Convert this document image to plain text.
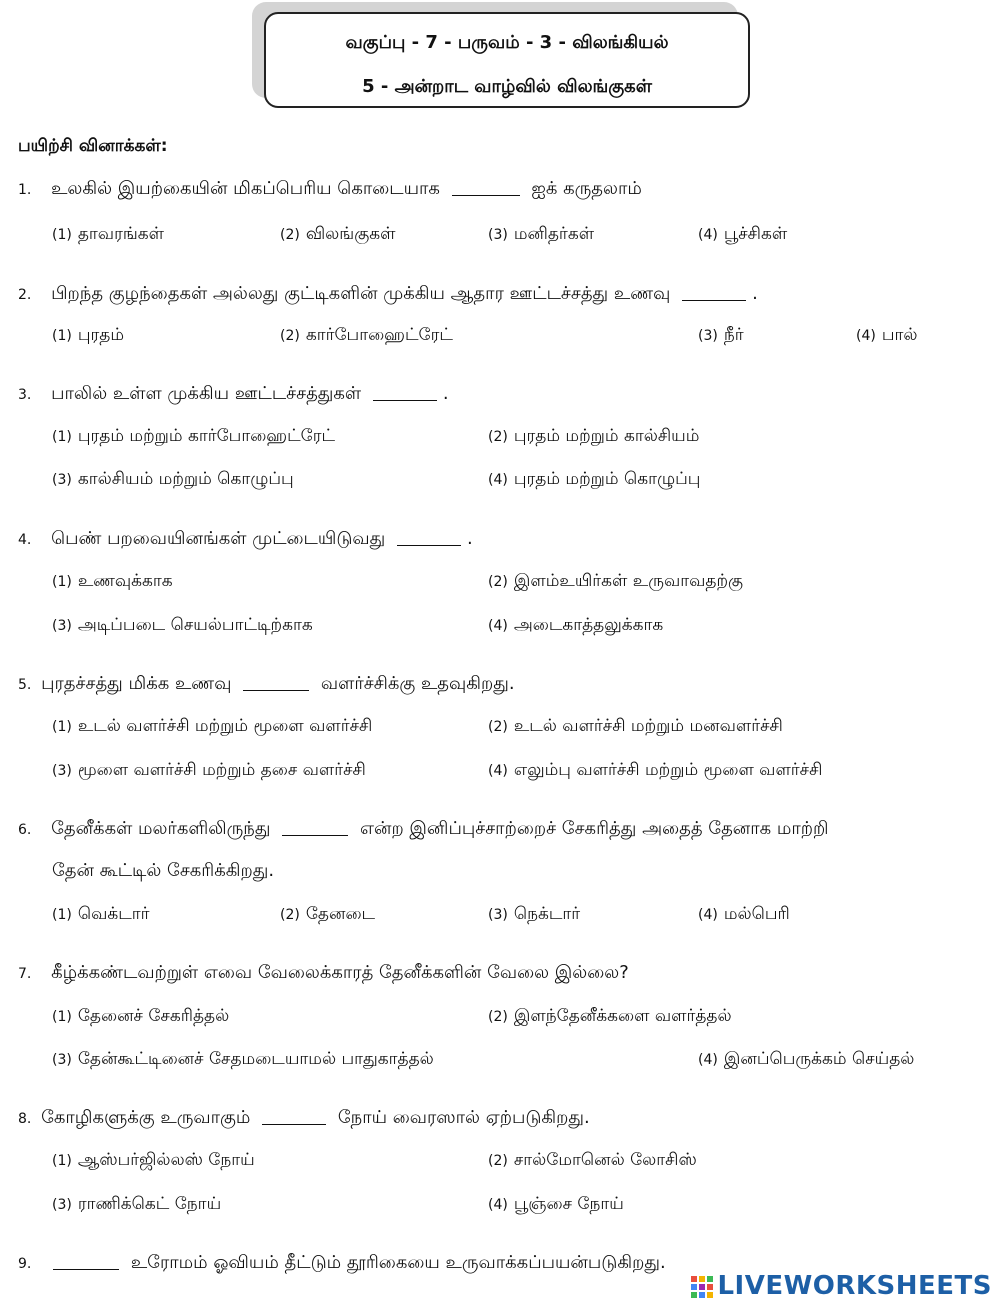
வகுப்பு - 7 - பருவம் - 3 - விலங்கியல்
5 - அன்றாட வாழ்வில் விலங்குகள்
பயிற்சி வினாக்கள்:
1. உலகில் இயற்கையின் மிகப்பெரிய கொடையாக	ஐக் கருதலாம்
(1) தாவரங்கள்	(2) விலங்குகள்	(3) மனிதர்கள்	(4) பூச்சிகள்
2. பிறந்த குழந்தைகள் அல்லது குட்டிகளின் முக்கிய ஆதார ஊட்டச்சத்து உணவு	.
(1) புரதம்	(2) கார்போஹைட்ரேட்	(3) நீர்	(4) பால்
3. பாலில் உள்ள முக்கிய ஊட்டச்சத்துகள்	.
(1) புரதம் மற்றும் கார்போஹைட்ரேட்	(2) புரதம் மற்றும் கால்சியம்
(3) கால்சியம் மற்றும் கொழுப்பு	(4) புரதம் மற்றும் கொழுப்பு
4. பெண் பறவையினங்கள் முட்டையிடுவது	.
(1) உணவுக்காக	(2) இளம்உயிர்கள் உருவாவதற்கு
(3) அடிப்படை செயல்பாட்டிற்காக	(4) அடைகாத்தலுக்காக
5. புரதச்சத்து மிக்க உணவு	வளர்ச்சிக்கு உதவுகிறது.
(1) உடல் வளர்ச்சி மற்றும் மூளை வளர்ச்சி	(2) உடல் வளர்ச்சி மற்றும் மனவளர்ச்சி
(3) மூளை வளர்ச்சி மற்றும் தசை வளர்ச்சி	(4) எலும்பு வளர்ச்சி மற்றும் மூளை வளர்ச்சி
6. தேனீக்கள் மலர்களிலிருந்து	என்ற இனிப்புச்சாற்றைச் சேகரித்து அதைத் தேனாக மாற்றி
தேன் கூட்டில் சேகரிக்கிறது.
(1) வெக்டார்	(2) தேனடை	(3) நெக்டார்	(4) மல்பெரி
7. கீழ்க்கண்டவற்றுள் எவை வேலைக்காரத் தேனீக்களின் வேலை இல்லை?
(1) தேனைச் சேகரித்தல்	(2) இளந்தேனீக்களை வளர்த்தல்
(3) தேன்கூட்டினைச் சேதமடையாமல் பாதுகாத்தல்	(4) இனப்பெருக்கம் செய்தல்
8. கோழிகளுக்கு உருவாகும்	நோய் வைரஸால் ஏற்படுகிறது.
(1) ஆஸ்பர்ஜில்லஸ் நோய்	(2) சால்மோனெல் லோசிஸ்
(3) ராணிக்கெட் நோய்	(4) பூஞ்சை நோய்
9.	உரோமம் ஓவியம் தீட்டும் தூரிகையை உருவாக்கப்பயன்படுகிறது.
LIVEWORKSHEETS
